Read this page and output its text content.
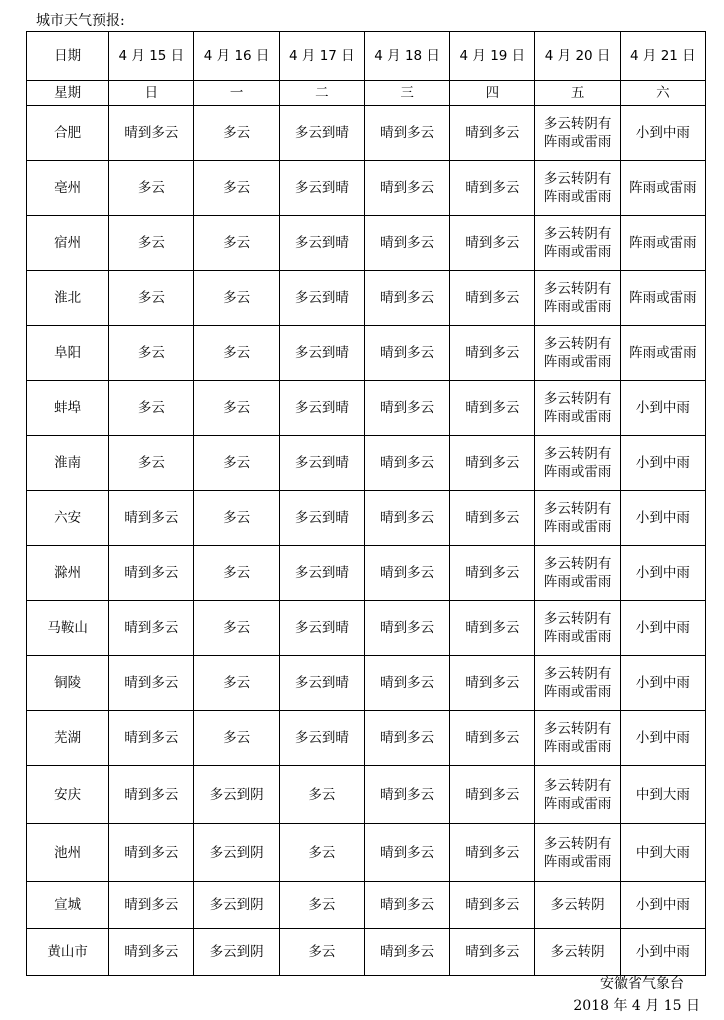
城市天气预报:
日期	4 月 15 日	4 月 16 日	4 月 17 日	4 月 18 日	4 月 19 日	4 月 20 日	4 月 21 日
星期	日	一	二	三	四	五	六
合肥	晴到多云	多云	多云到晴	晴到多云	晴到多云	多云转阴有阵雨或雷雨	小到中雨
亳州	多云	多云	多云到晴	晴到多云	晴到多云	多云转阴有阵雨或雷雨	阵雨或雷雨
宿州	多云	多云	多云到晴	晴到多云	晴到多云	多云转阴有阵雨或雷雨	阵雨或雷雨
淮北	多云	多云	多云到晴	晴到多云	晴到多云	多云转阴有阵雨或雷雨	阵雨或雷雨
阜阳	多云	多云	多云到晴	晴到多云	晴到多云	多云转阴有阵雨或雷雨	阵雨或雷雨
蚌埠	多云	多云	多云到晴	晴到多云	晴到多云	多云转阴有阵雨或雷雨	小到中雨
淮南	多云	多云	多云到晴	晴到多云	晴到多云	多云转阴有阵雨或雷雨	小到中雨
六安	晴到多云	多云	多云到晴	晴到多云	晴到多云	多云转阴有阵雨或雷雨	小到中雨
滁州	晴到多云	多云	多云到晴	晴到多云	晴到多云	多云转阴有阵雨或雷雨	小到中雨
马鞍山	晴到多云	多云	多云到晴	晴到多云	晴到多云	多云转阴有阵雨或雷雨	小到中雨
铜陵	晴到多云	多云	多云到晴	晴到多云	晴到多云	多云转阴有阵雨或雷雨	小到中雨
芜湖	晴到多云	多云	多云到晴	晴到多云	晴到多云	多云转阴有阵雨或雷雨	小到中雨
安庆	晴到多云	多云到阴	多云	晴到多云	晴到多云	多云转阴有阵雨或雷雨	中到大雨
池州	晴到多云	多云到阴	多云	晴到多云	晴到多云	多云转阴有阵雨或雷雨	中到大雨
宣城	晴到多云	多云到阴	多云	晴到多云	晴到多云	多云转阴	小到中雨
黄山市	晴到多云	多云到阴	多云	晴到多云	晴到多云	多云转阴	小到中雨
安徽省气象台
2018 年 4 月 15 日
